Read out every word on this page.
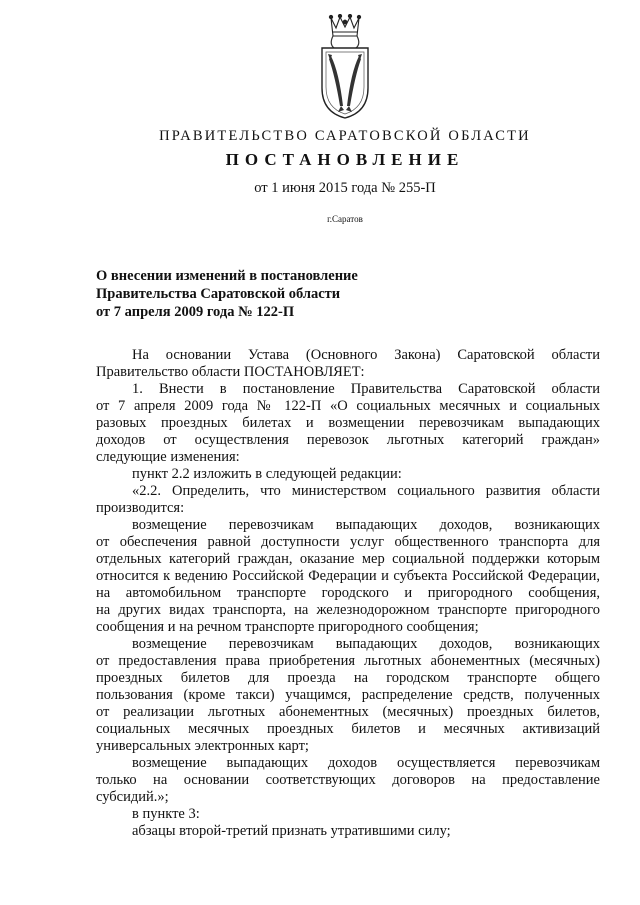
ПРАВИТЕЛЬСТВО САРАТОВСКОЙ ОБЛАСТИ
ПОСТАНОВЛЕНИЕ
от 1 июня 2015 года № 255-П
г.Саратов
О внесении изменений в постановление
Правительства Саратовской области
от 7 апреля 2009 года № 122-П
На основании Устава (Основного Закона) Саратовской области
Правительство области ПОСТАНОВЛЯЕТ:
1. Внести в постановление Правительства Саратовской области
от 7 апреля 2009 года № 122-П «О социальных месячных и социальных
разовых проездных билетах и возмещении перевозчикам выпадающих
доходов от осуществления перевозок льготных категорий граждан»
следующие изменения:
пункт 2.2 изложить в следующей редакции:
«2.2. Определить, что министерством социального развития области
производится:
возмещение перевозчикам выпадающих доходов, возникающих
от обеспечения равной доступности услуг общественного транспорта для
отдельных категорий граждан, оказание мер социальной поддержки которым
относится к ведению Российской Федерации и субъекта Российской Федерации,
на автомобильном транспорте городского и пригородного сообщения,
на других видах транспорта, на железнодорожном транспорте пригородного
сообщения и на речном транспорте пригородного сообщения;
возмещение перевозчикам выпадающих доходов, возникающих
от предоставления права приобретения льготных абонементных (месячных)
проездных билетов для проезда на городском транспорте общего
пользования (кроме такси) учащимся, распределение средств, полученных
от реализации льготных абонементных (месячных) проездных билетов,
социальных месячных проездных билетов и месячных активизаций
универсальных электронных карт;
возмещение выпадающих доходов осуществляется перевозчикам
только на основании соответствующих договоров на предоставление
субсидий.»;
в пункте 3:
абзацы второй-третий признать утратившими силу;
